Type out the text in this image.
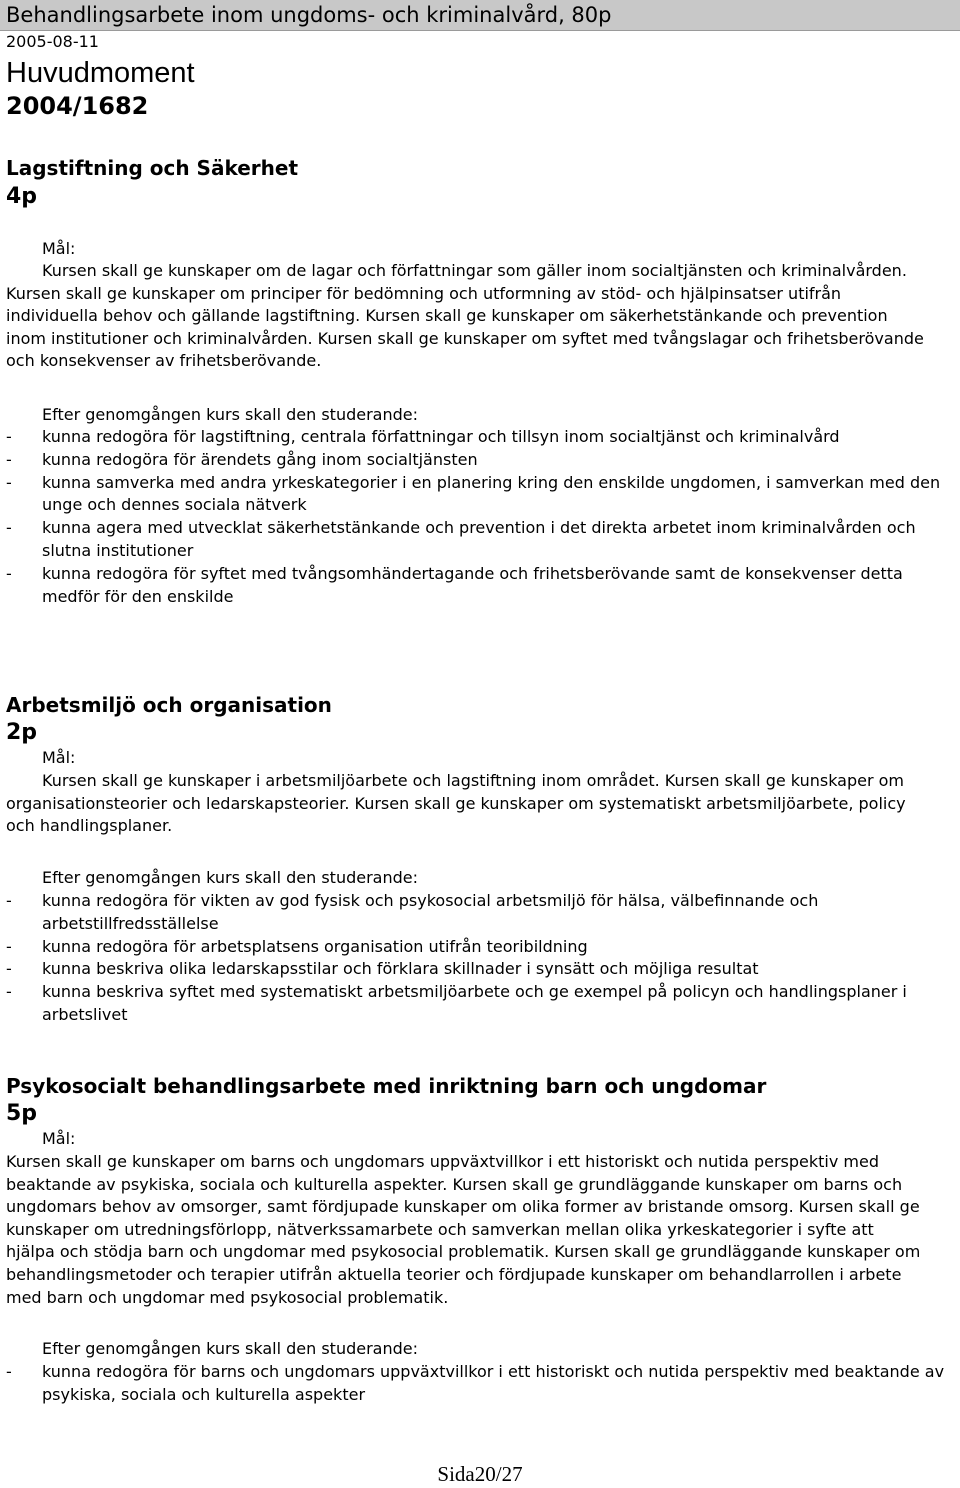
Behandlingsarbete inom ungdoms- och kriminalvård, 80p
2005-08-11
Huvudmoment
2004/1682
Lagstiftning och Säkerhet
4p
Mål:
Kursen skall ge kunskaper om de lagar och författningar som gäller inom socialtjänsten och kriminalvården. Kursen skall ge kunskaper om principer för bedömning och utformning av stöd- och hjälpinsatser utifrån individuella behov och gällande lagstiftning. Kursen skall ge kunskaper om säkerhetstänkande och prevention inom institutioner och kriminalvården. Kursen skall ge kunskaper om syftet med tvångslagar och frihetsberövande och konsekvenser av frihetsberövande.
Efter genomgången kurs skall den studerande:
- kunna redogöra för lagstiftning, centrala författningar och tillsyn inom socialtjänst och kriminalvård
- kunna redogöra för ärendets gång inom socialtjänsten
- kunna samverka med andra yrkeskategorier i en planering kring den enskilde ungdomen, i samverkan med den unge och dennes sociala nätverk
- kunna agera med utvecklat säkerhetstänkande och prevention i det direkta arbetet inom kriminalvården och slutna institutioner
- kunna redogöra för syftet med tvångsomhändertagande och frihetsberövande samt de konsekvenser detta medför för den enskilde
Arbetsmiljö och organisation
2p
Mål:
Kursen skall ge kunskaper i arbetsmiljöarbete och lagstiftning inom området. Kursen skall ge kunskaper om organisationsteorier och ledarskapsteorier. Kursen skall ge kunskaper om systematiskt arbetsmiljöarbete, policy och handlingsplaner.
Efter genomgången kurs skall den studerande:
- kunna redogöra för vikten av god fysisk och psykosocial arbetsmiljö för hälsa, välbefinnande och arbetstillfredsställelse
- kunna redogöra för arbetsplatsens organisation utifrån teoribildning
- kunna beskriva olika ledarskapsstilar och förklara skillnader i synsätt och möjliga resultat
- kunna beskriva syftet med systematiskt arbetsmiljöarbete och ge exempel på policyn och handlingsplaner i arbetslivet
Psykosocialt behandlingsarbete med inriktning barn och ungdomar
5p
Mål:
Kursen skall ge kunskaper om barns och ungdomars uppväxtvillkor i ett historiskt och nutida perspektiv med beaktande av psykiska, sociala och kulturella aspekter. Kursen skall ge grundläggande kunskaper om barns och ungdomars behov av omsorger, samt fördjupade kunskaper om olika former av bristande omsorg. Kursen skall ge kunskaper om utredningsförlopp, nätverkssamarbete och samverkan mellan olika yrkeskategorier i syfte att hjälpa och stödja barn och ungdomar med psykosocial problematik. Kursen skall ge grundläggande kunskaper om behandlingsmetoder och terapier utifrån aktuella teorier och fördjupade kunskaper om behandlarrollen i arbete med barn och ungdomar med psykosocial problematik.
Efter genomgången kurs skall den studerande:
- kunna redogöra för barns och ungdomars uppväxtvillkor i ett historiskt och nutida perspektiv med beaktande av psykiska, sociala och kulturella aspekter
Sida20/27
